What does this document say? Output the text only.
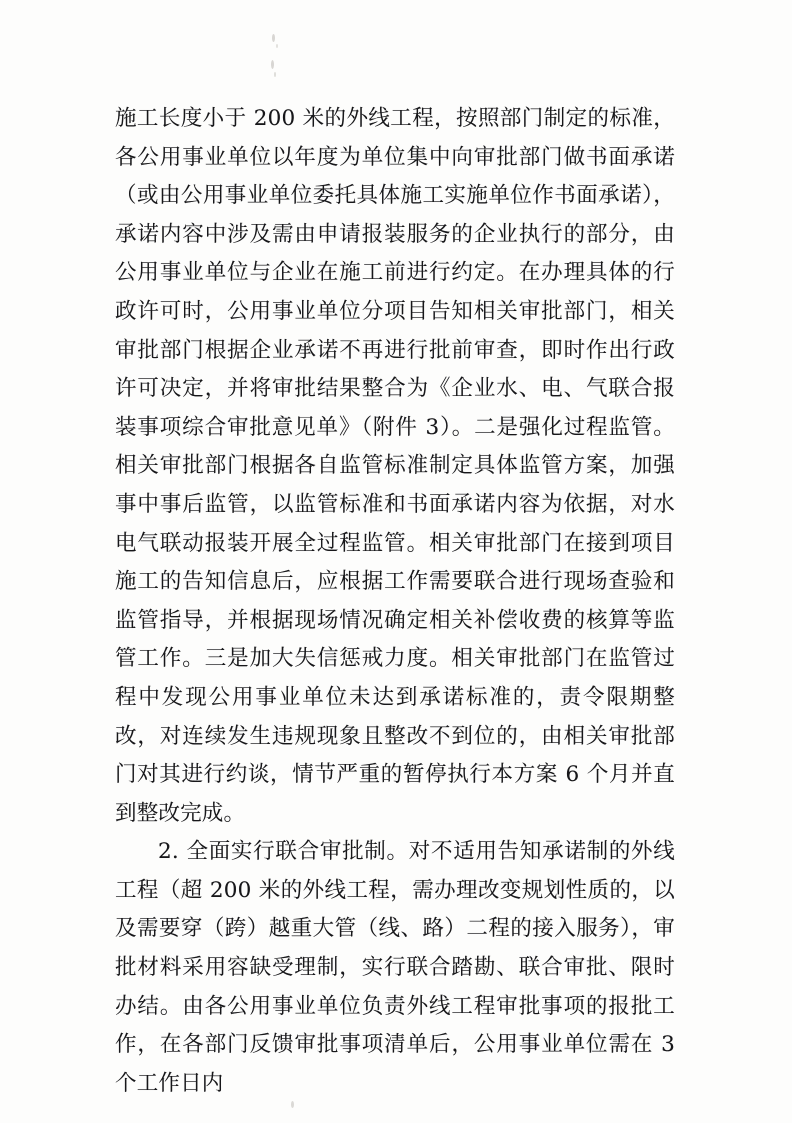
施工长度小于 200 米的外线工程，按照部门制定的标准，各公用事业单位以年度为单位集中向审批部门做书面承诺（或由公用事业单位委托具体施工实施单位作书面承诺），承诺内容中涉及需由申请报装服务的企业执行的部分，由公用事业单位与企业在施工前进行约定。在办理具体的行政许可时，公用事业单位分项目告知相关审批部门，相关审批部门根据企业承诺不再进行批前审查，即时作出行政许可决定，并将审批结果整合为《企业水、电、气联合报装事项综合审批意见单》（附件 3）。二是强化过程监管。相关审批部门根据各自监管标准制定具体监管方案，加强事中事后监管，以监管标准和书面承诺内容为依据，对水电气联动报装开展全过程监管。相关审批部门在接到项目施工的告知信息后，应根据工作需要联合进行现场查验和监管指导，并根据现场情况确定相关补偿收费的核算等监管工作。三是加大失信惩戒力度。相关审批部门在监管过程中发现公用事业单位未达到承诺标准的，责令限期整改，对连续发生违规现象且整改不到位的，由相关审批部门对其进行约谈，情节严重的暂停执行本方案 6 个月并直到整改完成。

2. 全面实行联合审批制。对不适用告知承诺制的外线工程（超 200 米的外线工程，需办理改变规划性质的，以及需要穿（跨）越重大管（线、路）二程的接入服务），审批材料采用容缺受理制，实行联合踏勘、联合审批、限时办结。由各公用事业单位负责外线工程审批事项的报批工作，在各部门反馈审批事项清单后，公用事业单位需在 3 个工作日内
